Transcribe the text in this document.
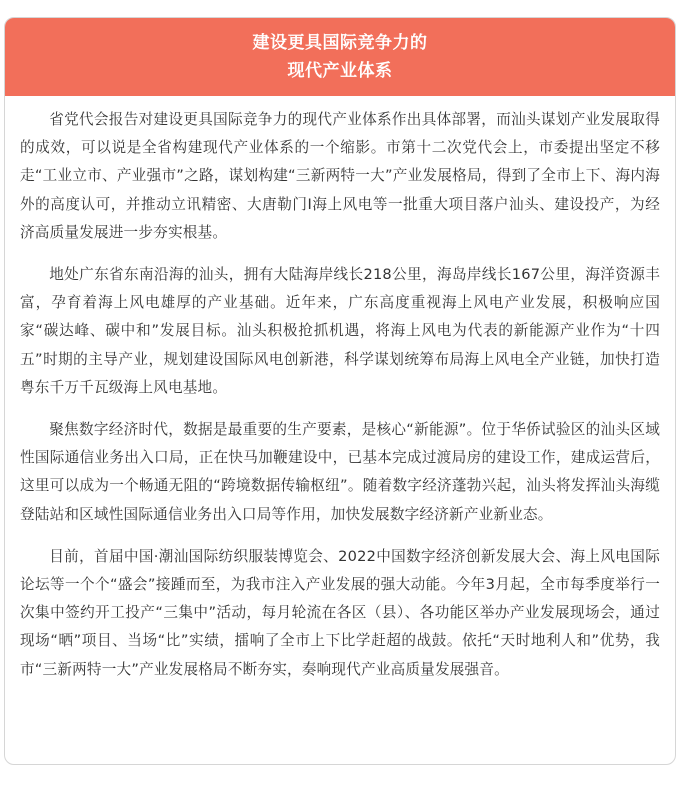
建设更具国际竞争力的
现代产业体系

省党代会报告对建设更具国际竞争力的现代产业体系作出具体部署，而汕头谋划产业发展取得的成效，可以说是全省构建现代产业体系的一个缩影。市第十二次党代会上，市委提出坚定不移走“工业立市、产业强市”之路，谋划构建“三新两特一大”产业发展格局，得到了全市上下、海内海外的高度认可，并推动立讯精密、大唐勒门I海上风电等一批重大项目落户汕头、建设投产，为经济高质量发展进一步夯实根基。

地处广东省东南沿海的汕头，拥有大陆海岸线长218公里，海岛岸线长167公里，海洋资源丰富，孕育着海上风电雄厚的产业基础。近年来，广东高度重视海上风电产业发展，积极响应国家“碳达峰、碳中和”发展目标。汕头积极抢抓机遇，将海上风电为代表的新能源产业作为“十四五”时期的主导产业，规划建设国际风电创新港，科学谋划统筹布局海上风电全产业链，加快打造粤东千万千瓦级海上风电基地。

聚焦数字经济时代，数据是最重要的生产要素，是核心“新能源”。位于华侨试验区的汕头区域性国际通信业务出入口局，正在快马加鞭建设中，已基本完成过渡局房的建设工作，建成运营后，这里可以成为一个畅通无阻的“跨境数据传输枢纽”。随着数字经济蓬勃兴起，汕头将发挥汕头海缆登陆站和区域性国际通信业务出入口局等作用，加快发展数字经济新产业新业态。

目前，首届中国·潮汕国际纺织服装博览会、2022中国数字经济创新发展大会、海上风电国际论坛等一个个“盛会”接踵而至，为我市注入产业发展的强大动能。今年3月起，全市每季度举行一次集中签约开工投产“三集中”活动，每月轮流在各区（县）、各功能区举办产业发展现场会，通过现场“晒”项目、当场“比”实绩，擂响了全市上下比学赶超的战鼓。依托“天时地利人和”优势，我市“三新两特一大”产业发展格局不断夯实，奏响现代产业高质量发展强音。
